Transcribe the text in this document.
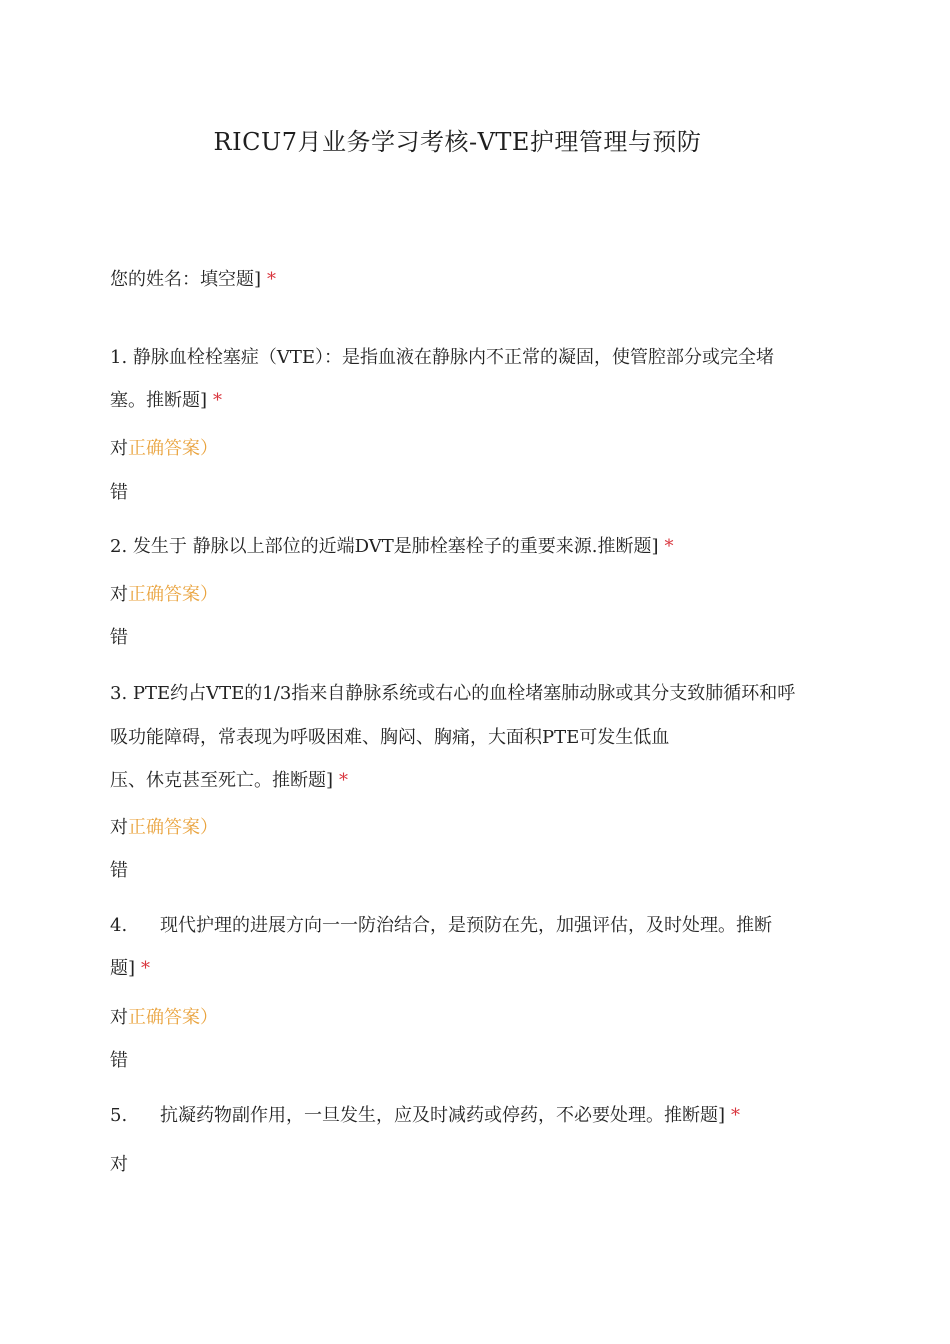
RICU7月业务学习考核-VTE护理管理与预防
您的姓名：填空题] *
1. 静脉血栓栓塞症（VTE）：是指血液在静脉内不正常的凝固，使管腔部分或完全堵
塞。推断题] *
对正确答案）
错
2. 发生于 静脉以上部位的近端DVT是肺栓塞栓子的重要来源.推断题] *
对正确答案）
错
3. PTE约占VTE的1/3指来自静脉系统或右心的血栓堵塞肺动脉或其分支致肺循环和呼
吸功能障碍，常表现为呼吸困难、胸闷、胸痛，大面积PTE可发生低血
压、休克甚至死亡。推断题] *
对正确答案）
错
4. 现代护理的进展方向一一防治结合，是预防在先，加强评估，及时处理。推断
题] *
对正确答案）
错
5. 抗凝药物副作用，一旦发生，应及时减药或停药，不必要处理。推断题] *
对
